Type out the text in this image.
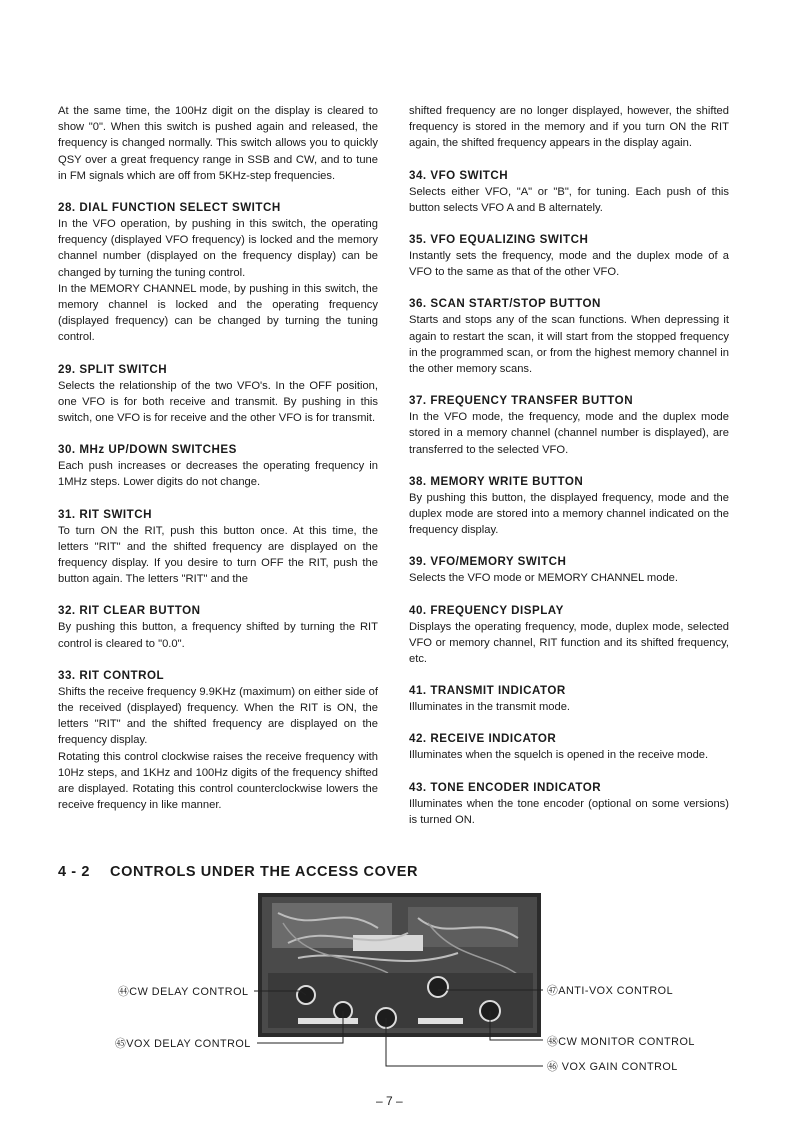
At the same time, the 100Hz digit on the display is cleared to show "0". When this switch is pushed again and released, the frequency is changed normally. This switch allows you to quickly QSY over a great frequency range in SSB and CW, and to tune in FM signals which are off from 5KHz-step frequencies.

28. DIAL FUNCTION SELECT SWITCH

In the VFO operation, by pushing in this switch, the operating frequency (displayed VFO frequency) is locked and the memory channel number (displayed on the frequency display) can be changed by turning the tuning control.

In the MEMORY CHANNEL mode, by pushing in this switch, the memory channel is locked and the operating frequency (displayed frequency) can be changed by turning the tuning control.

29. SPLIT SWITCH

Selects the relationship of the two VFO's. In the OFF position, one VFO is for both receive and transmit. By pushing in this switch, one VFO is for receive and the other VFO is for transmit.

30. MHz UP/DOWN SWITCHES

Each push increases or decreases the operating frequency in 1MHz steps. Lower digits do not change.

31. RIT SWITCH

To turn ON the RIT, push this button once. At this time, the letters "RIT" and the shifted frequency are displayed on the frequency display. If you desire to turn OFF the RIT, push the button again. The letters "RIT" and the

32. RIT CLEAR BUTTON

By pushing this button, a frequency shifted by turning the RIT control is cleared to "0.0".

33. RIT CONTROL

Shifts the receive frequency 9.9KHz (maximum) on either side of the received (displayed) frequency. When the RIT is ON, the letters "RIT" and the shifted frequency are displayed on the frequency display.

Rotating this control clockwise raises the receive frequency with 10Hz steps, and 1KHz and 100Hz digits of the frequency shifted are displayed. Rotating this control counterclockwise lowers the receive frequency in like manner.

shifted frequency are no longer displayed, however, the shifted frequency is stored in the memory and if you turn ON the RIT again, the shifted frequency appears in the display again.

34. VFO SWITCH

Selects either VFO, "A" or "B", for tuning. Each push of this button selects VFO A and B alternately.

35. VFO EQUALIZING SWITCH

Instantly sets the frequency, mode and the duplex mode of a VFO to the same as that of the other VFO.

36. SCAN START/STOP BUTTON

Starts and stops any of the scan functions. When depressing it again to restart the scan, it will start from the stopped frequency in the programmed scan, or from the highest memory channel in the other memory scans.

37. FREQUENCY TRANSFER BUTTON

In the VFO mode, the frequency, mode and the duplex mode stored in a memory channel (channel number is displayed), are transferred to the selected VFO.

38. MEMORY WRITE BUTTON

By pushing this button, the displayed frequency, mode and the duplex mode are stored into a memory channel indicated on the frequency display.

39. VFO/MEMORY SWITCH

Selects the VFO mode or MEMORY CHANNEL mode.

40. FREQUENCY DISPLAY

Displays the operating frequency, mode, duplex mode, selected VFO or memory channel, RIT function and its shifted frequency, etc.

41. TRANSMIT INDICATOR

Illuminates in the transmit mode.

42. RECEIVE INDICATOR

Illuminates when the squelch is opened in the receive mode.

43. TONE ENCODER INDICATOR

Illuminates when the tone encoder (optional on some versions) is turned ON.

4 - 2 CONTROLS UNDER THE ACCESS COVER
㊹CW DELAY CONTROL
㊺VOX DELAY CONTROL
㊼ANTI-VOX CONTROL
㊽CW MONITOR CONTROL
㊻ VOX GAIN CONTROL
– 7 –
